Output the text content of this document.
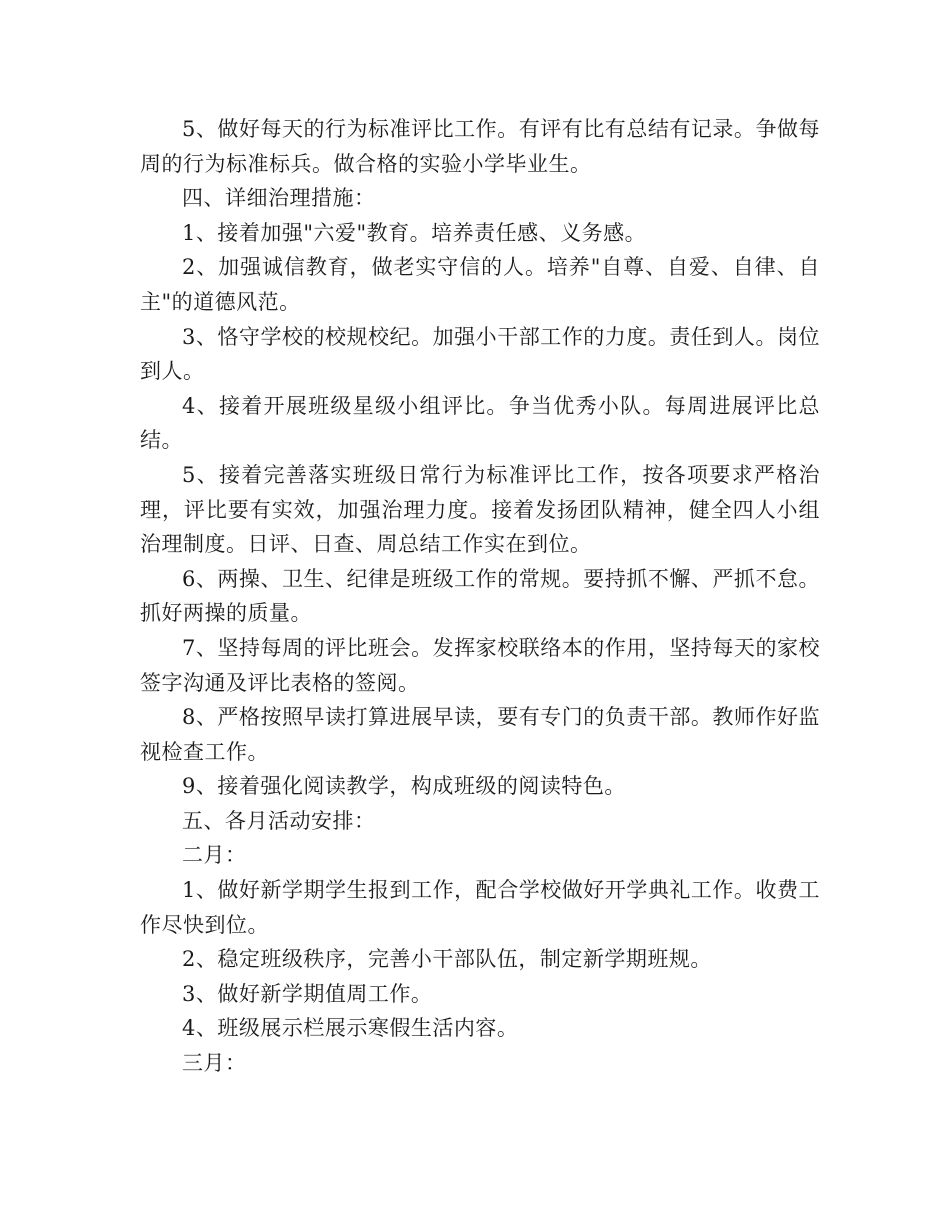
5、做好每天的行为标准评比工作。有评有比有总结有记录。争做每周的行为标准标兵。做合格的实验小学毕业生。

四、详细治理措施：

1、接着加强"六爱"教育。培养责任感、义务感。

2、加强诚信教育，做老实守信的人。培养"自尊、自爱、自律、自主"的道德风范。

3、恪守学校的校规校纪。加强小干部工作的力度。责任到人。岗位到人。

4、接着开展班级星级小组评比。争当优秀小队。每周进展评比总结。

5、接着完善落实班级日常行为标准评比工作，按各项要求严格治理，评比要有实效，加强治理力度。接着发扬团队精神，健全四人小组治理制度。日评、日查、周总结工作实在到位。

6、两操、卫生、纪律是班级工作的常规。要持抓不懈、严抓不怠。抓好两操的质量。

7、坚持每周的评比班会。发挥家校联络本的作用，坚持每天的家校签字沟通及评比表格的签阅。

8、严格按照早读打算进展早读，要有专门的负责干部。教师作好监视检查工作。

9、接着强化阅读教学，构成班级的阅读特色。

五、各月活动安排：

二月：

1、做好新学期学生报到工作，配合学校做好开学典礼工作。收费工作尽快到位。

2、稳定班级秩序，完善小干部队伍，制定新学期班规。

3、做好新学期值周工作。

4、班级展示栏展示寒假生活内容。

三月：
